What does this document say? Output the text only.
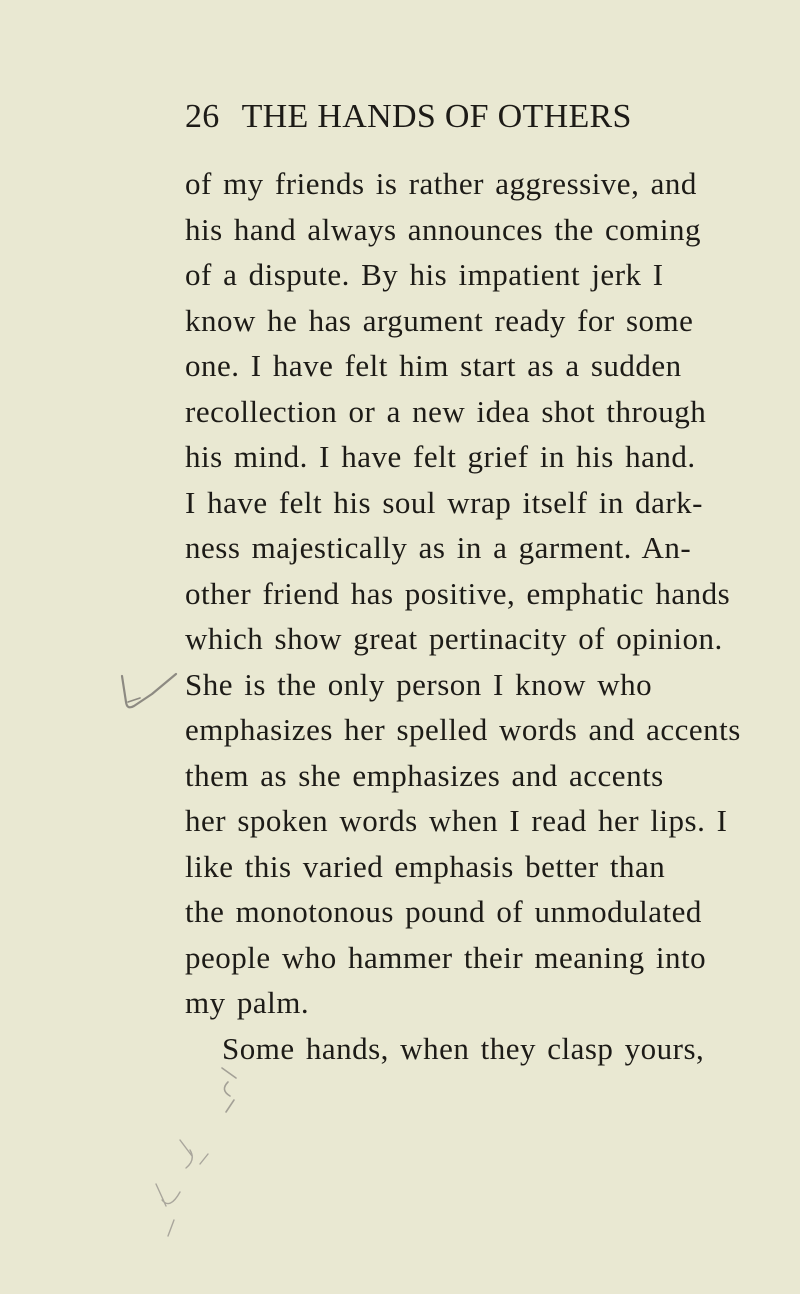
26 THE HANDS OF OTHERS
of my friends is rather aggressive, and
his hand always announces the coming
of a dispute. By his impatient jerk I
know he has argument ready for some
one. I have felt him start as a sudden
recollection or a new idea shot through
his mind. I have felt grief in his hand.
I have felt his soul wrap itself in dark-
ness majestically as in a garment. An-
other friend has positive, emphatic hands
which show great pertinacity of opinion.
She is the only person I know who
emphasizes her spelled words and accents
them as she emphasizes and accents
her spoken words when I read her lips. I
like this varied emphasis better than
the monotonous pound of unmodulated
people who hammer their meaning into
my palm.
Some hands, when they clasp yours,
